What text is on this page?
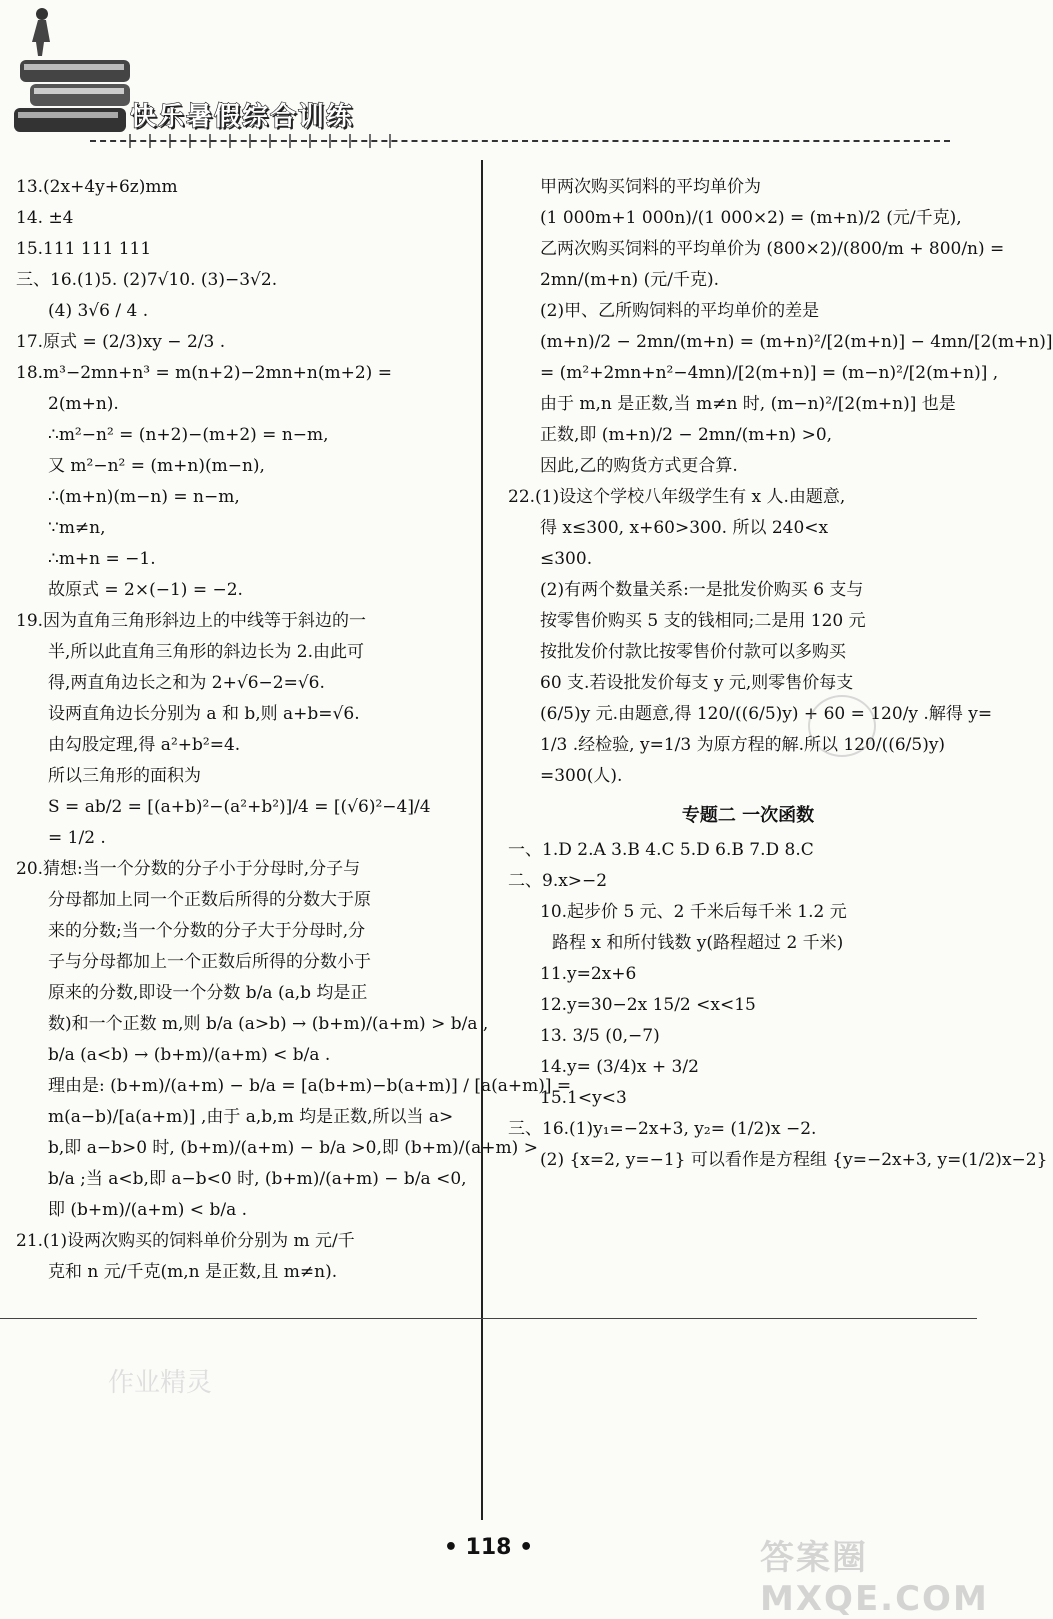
快乐暑假综合训练
13.(2x+4y+6z)mm
14. ±4
15.111 111 111
三、16.(1)5. (2)7√10. (3)−3√2.
(4) 3√6 / 4 .
17.原式 = (2/3)xy − 2/3 .
18.m³−2mn+n³ = m(n+2)−2mn+n(m+2) =
2(m+n).
∴m²−n² = (n+2)−(m+2) = n−m,
又 m²−n² = (m+n)(m−n),
∴(m+n)(m−n) = n−m,
∵m≠n,
∴m+n = −1.
故原式 = 2×(−1) = −2.
19.因为直角三角形斜边上的中线等于斜边的一
半,所以此直角三角形的斜边长为 2.由此可
得,两直角边长之和为 2+√6−2=√6.
设两直角边长分别为 a 和 b,则 a+b=√6.
由勾股定理,得 a²+b²=4.
所以三角形的面积为
S = ab/2 = [(a+b)²−(a²+b²)]/4 = [(√6)²−4]/4
= 1/2 .
20.猜想:当一个分数的分子小于分母时,分子与
分母都加上同一个正数后所得的分数大于原
来的分数;当一个分数的分子大于分母时,分
子与分母都加上一个正数后所得的分数小于
原来的分数,即设一个分数 b/a (a,b 均是正
数)和一个正数 m,则 b/a (a>b) → (b+m)/(a+m) > b/a ,
b/a (a<b) → (b+m)/(a+m) < b/a .
理由是: (b+m)/(a+m) − b/a = [a(b+m)−b(a+m)] / [a(a+m)] =
m(a−b)/[a(a+m)] ,由于 a,b,m 均是正数,所以当 a>
b,即 a−b>0 时, (b+m)/(a+m) − b/a >0,即 (b+m)/(a+m) >
b/a ;当 a<b,即 a−b<0 时, (b+m)/(a+m) − b/a <0,
即 (b+m)/(a+m) < b/a .
21.(1)设两次购买的饲料单价分别为 m 元/千
克和 n 元/千克(m,n 是正数,且 m≠n).
甲两次购买饲料的平均单价为
(1 000m+1 000n)/(1 000×2) = (m+n)/2 (元/千克),
乙两次购买饲料的平均单价为 (800×2)/(800/m + 800/n) =
2mn/(m+n) (元/千克).
(2)甲、乙所购饲料的平均单价的差是
(m+n)/2 − 2mn/(m+n) = (m+n)²/[2(m+n)] − 4mn/[2(m+n)]
= (m²+2mn+n²−4mn)/[2(m+n)] = (m−n)²/[2(m+n)] ,
由于 m,n 是正数,当 m≠n 时, (m−n)²/[2(m+n)] 也是
正数,即 (m+n)/2 − 2mn/(m+n) >0,
因此,乙的购货方式更合算.
22.(1)设这个学校八年级学生有 x 人.由题意,
得 x≤300, x+60>300. 所以 240<x
≤300.
(2)有两个数量关系:一是批发价购买 6 支与
按零售价购买 5 支的钱相同;二是用 120 元
按批发价付款比按零售价付款可以多购买
60 支.若设批发价每支 y 元,则零售价每支
(6/5)y 元.由题意,得 120/((6/5)y) + 60 = 120/y .解得 y=
1/3 .经检验, y=1/3 为原方程的解.所以 120/((6/5)y)
=300(人).
专题二 一次函数
一、1.D 2.A 3.B 4.C 5.D 6.B 7.D 8.C
二、9.x>−2
10.起步价 5 元、2 千米后每千米 1.2 元
路程 x 和所付钱数 y(路程超过 2 千米)
11.y=2x+6
12.y=30−2x 15/2 <x<15
13. 3/5 (0,−7)
14.y= (3/4)x + 3/2
15.1<y<3
三、16.(1)y₁=−2x+3, y₂= (1/2)x −2.
(2) {x=2, y=−1} 可以看作是方程组 {y=−2x+3, y=(1/2)x−2}
作业精灵
• 118 •	答案圈 MXQE.COM
